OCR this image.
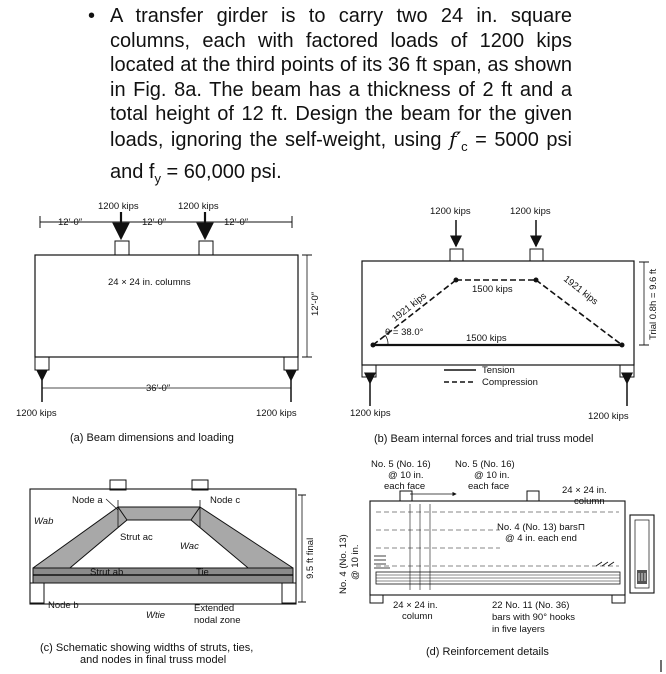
• A transfer girder is to carry two 24 in. square columns, each with factored loads of 1200 kips located at the third points of its 36 ft span, as shown in Fig. 8a. The beam has a thickness of 2 ft and a total height of 12 ft. Design the beam for the given loads, ignoring the self-weight, using $f'_c = 5000$ psi and $f_y = 60,000$ psi.

1200 kips	1200 kips
12′-0″	12′-0″	12′-0″
24 × 24 in. columns
12′-0″
36′-0″
1200 kips	1200 kips
(a) Beam dimensions and loading
1200 kips	1200 kips
1500 kips
1921 kips
1921 kips
θ = 38.0°
1500 kips
Tension
Compression
1200 kips	1200 kips
Trial 0.8h = 9.6 ft
(b) Beam internal forces and trial truss model
Node a	Node c
Wab
Strut ac
Wac
Strut ab	Tie
Node b
Wtie
Extended
nodal zone
9.5 ft final
(c) Schematic showing widths of struts, ties,
and nodes in final truss model
No. 4 (No. 13) @ 10 in.
No. 5 (No. 16)
@ 10 in.
each face
No. 5 (No. 16)
@ 10 in.
each face	24 × 24 in.
column
No. 4 (No. 13) bars⊓
@ 4 in. each end
24 × 24 in.
column
22 No. 11 (No. 36)
bars with 90° hooks
in five layers
(d) Reinforcement details
